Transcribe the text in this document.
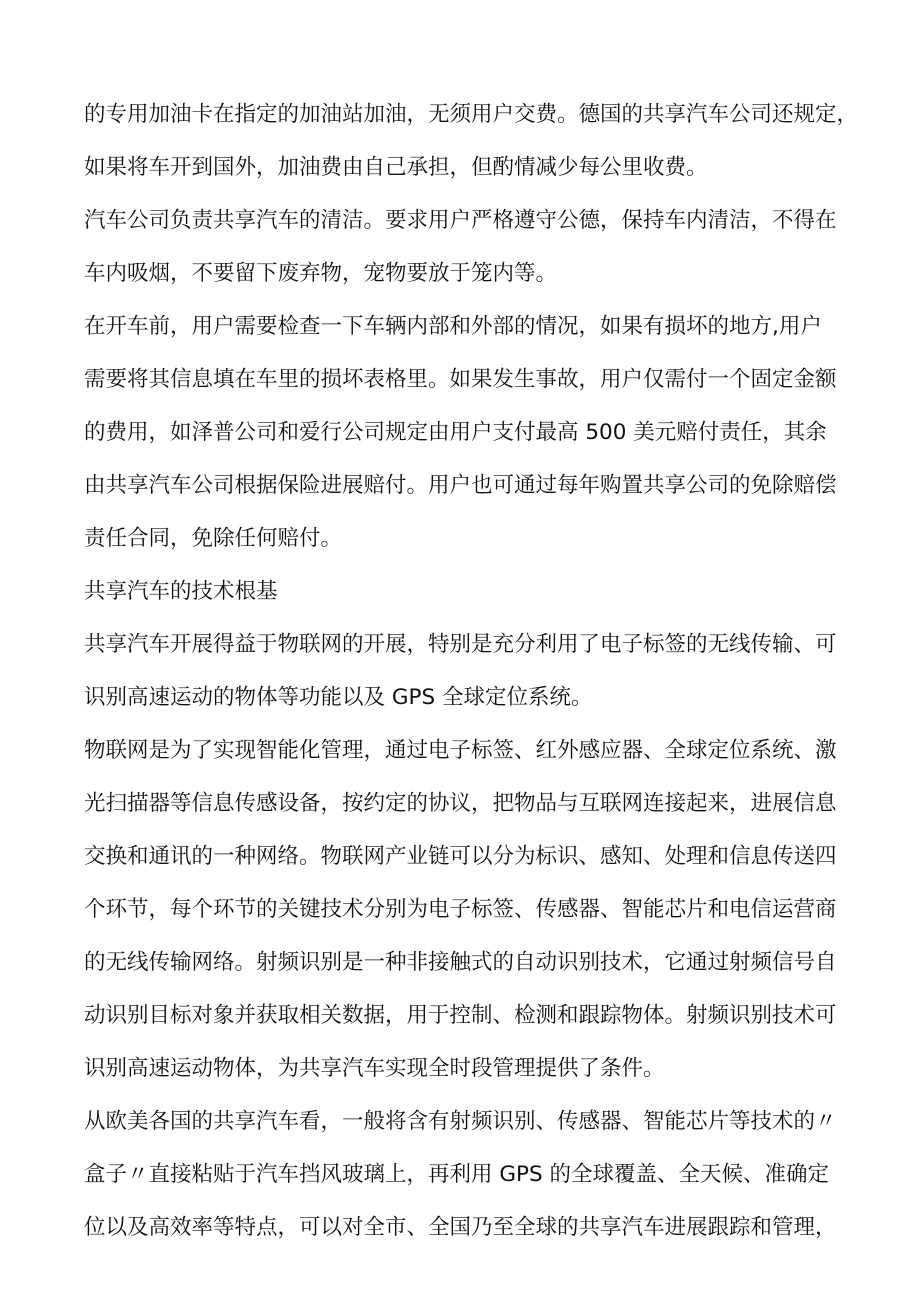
的专用加油卡在指定的加油站加油，无须用户交费。德国的共享汽车公司还规定，
如果将车开到国外，加油费由自己承担，但酌情减少每公里收费。
汽车公司负责共享汽车的清洁。要求用户严格遵守公德，保持车内清洁，不得在
车内吸烟，不要留下废弃物，宠物要放于笼内等。
在开车前，用户需要检查一下车辆内部和外部的情况，如果有损坏的地方,用户
需要将其信息填在车里的损坏表格里。如果发生事故，用户仅需付一个固定金额
的费用，如泽普公司和爱行公司规定由用户支付最高 500 美元赔付责任，其余
由共享汽车公司根据保险进展赔付。用户也可通过每年购置共享公司的免除赔偿
责任合同，免除任何赔付。
共享汽车的技术根基
共享汽车开展得益于物联网的开展，特别是充分利用了电子标签的无线传输、可
识别高速运动的物体等功能以及 GPS 全球定位系统。
物联网是为了实现智能化管理，通过电子标签、红外感应器、全球定位系统、激
光扫描器等信息传感设备，按约定的协议，把物品与互联网连接起来，进展信息
交换和通讯的一种网络。物联网产业链可以分为标识、感知、处理和信息传送四
个环节，每个环节的关键技术分别为电子标签、传感器、智能芯片和电信运营商
的无线传输网络。射频识别是一种非接触式的自动识别技术，它通过射频信号自
动识别目标对象并获取相关数据，用于控制、检测和跟踪物体。射频识别技术可
识别高速运动物体，为共享汽车实现全时段管理提供了条件。
从欧美各国的共享汽车看，一般将含有射频识别、传感器、智能芯片等技术的〃
盒子〃直接粘贴于汽车挡风玻璃上，再利用 GPS 的全球覆盖、全天候、准确定
位以及高效率等特点，可以对全市、全国乃至全球的共享汽车进展跟踪和管理，
